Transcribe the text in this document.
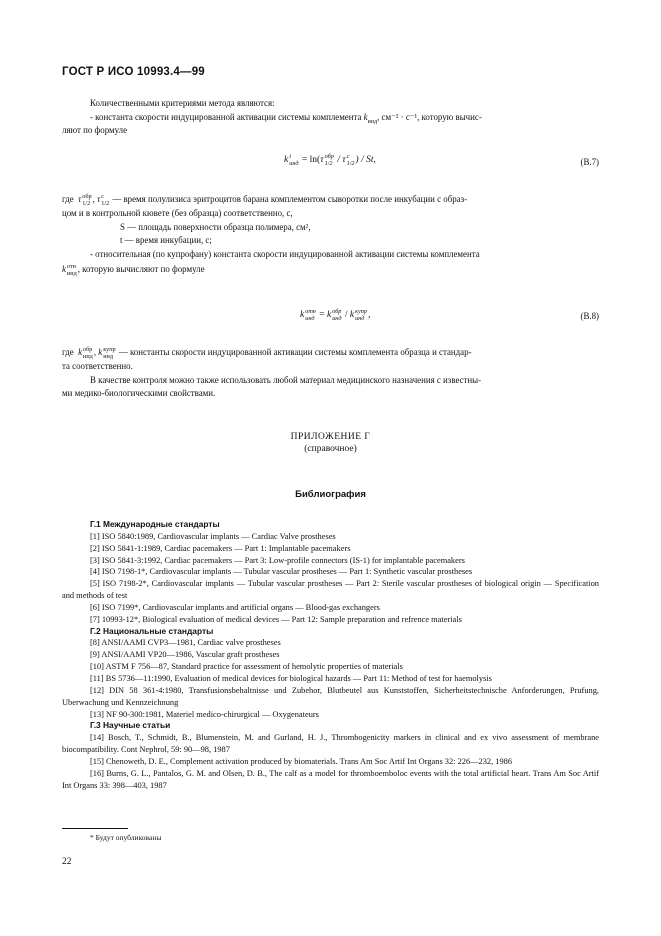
ГОСТ Р ИСО 10993.4—99
Количественными критериями метода являются:
- константа скорости индуцированной активации системы комплемента $k_{инд}$, см⁻² · с⁻¹, которую вычис-
ляют по формуле
k i
инд = ln(τ обр
1/2 / τ c
1/2 ) / St,	(В.7)
где τ обр
1/2 , τ c
1/2 — время полулизиса эритроцитов барана комплементом сыворотки после инкубации с образ-
цом и в контрольной кювете (без образца) соответственно, с,
S — площадь поверхности образца полимера, см²,
t — время инкубации, с;
- относительная (по купрофану) константа скорости индуцированной активации системы комплемента
k отн
инд , которую вычисляют по формуле
k отн
инд = k обр
инд / k купр
инд ,	(В.8)
где k обр
инд , k купр
инд — константы скорости индуцированной активации системы комплемента образца и стандар-
та соответственно.
В качестве контроля можно также использовать любой материал медицинского назначения с известны-
ми медико-биологическими свойствами.
ПРИЛОЖЕНИЕ Г
(справочное)
Библиография
Г.1 Международные стандарты
[1] ISO 5840:1989, Cardiovascular implants — Cardiac Valve prostheses
[2] ISO 5841-1:1989, Cardiac pacemakers — Part 1: Implantable pacemakers
[3] ISO 5841-3:1992, Cardiac pacemakers — Part 3: Low-profile connectors (IS-1) for implantable pacemakers
[4] ISO 7198-1*, Cardiovascular implants — Tubular vascular prostheses — Part 1: Synthetic vascular prostheses
[5] ISO 7198-2*, Cardiovascular implants — Tubular vascular prostheses — Part 2: Sterile vascular prostheses of biological origin — Specification and methods of test
[6] ISO 7199*, Cardiovascular implants and artificial organs — Blood-gas exchangers
[7] 10993-12*, Biological evaluation of medical devices — Part 12: Sample preparation and refrence materials
Г.2 Национальные стандарты
[8] ANSI/AAMI CVP3—1981, Cardiac valve prostheses
[9] ANSI/AAMI VP20—1986, Vascular graft prostheses
[10] ASTM F 756—87, Standard practice for assessment of hemolytic properties of materials
[11] BS 5736—11:1990, Evaluation of medical devices for biological hazards — Part 11: Method of test for haemolysis
[12] DIN 58 361-4:1980, Transfusionsbehaltnisse und Zubehor, Blutbeutel aus Kunststoffen, Sicherheitstechnische Anforderungen, Prufung, Uberwachung und Kennzeichnung
[13] NF 90-300:1981, Materiel medico-chirurgical — Oxygenateurs
Г.3 Научные статьи
[14] Bosch, T., Schmidt, B., Blumenstein, M. and Gurland, H. J., Thrombogenicity markers in clinical and ex vivo assessment of membrane biocompatibility. Cont Nephrol, 59: 90—98, 1987
[15] Chenoweth, D. E., Complement activation produced by biomaterials. Trans Am Soc Artif Int Organs 32: 226—232, 1986
[16] Burns, G. L., Pantalos, G. M. and Olsen, D. B., The calf as a model for thromboemboloc events with the total artificial heart. Trans Am Soc Artif Int Organs 33: 398—403, 1987
* Будут опубликованы
22
